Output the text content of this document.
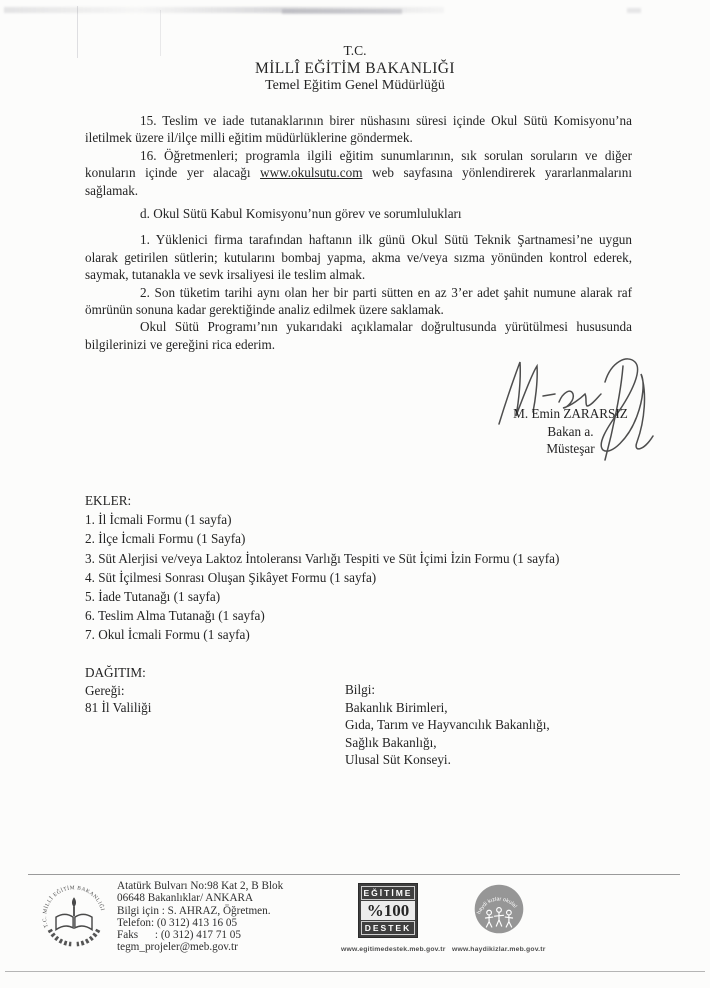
T.C.
MİLLÎ EĞİTİM BAKANLIĞI
Temel Eğitim Genel Müdürlüğü

15. Teslim ve iade tutanaklarının birer nüshasını süresi içinde Okul Sütü Komisyonu’na iletilmek üzere il/ilçe milli eğitim müdürlüklerine göndermek.

16. Öğretmenleri; programla ilgili eğitim sunumlarının, sık sorulan soruların ve diğer konuların içinde yer alacağı www.okulsutu.com web sayfasına yönlendirerek yararlanmalarını sağlamak.

d. Okul Sütü Kabul Komisyonu’nun görev ve sorumlulukları

1. Yüklenici firma tarafından haftanın ilk günü Okul Sütü Teknik Şartnamesi’ne uygun olarak getirilen sütlerin; kutularını bombaj yapma, akma ve/veya sızma yönünden kontrol ederek, saymak, tutanakla ve sevk irsaliyesi ile teslim almak.

2. Son tüketim tarihi aynı olan her bir parti sütten en az 3’er adet şahit numune alarak raf ömrünün sonuna kadar gerektiğinde analiz edilmek üzere saklamak.

Okul Sütü Programı’nın yukarıdaki açıklamalar doğrultusunda yürütülmesi hususunda bilgilerinizi ve gereğini rica ederim.

M. Emin ZARARSIZ
Bakan a.
Müsteşar
EKLER:
1. İl İcmali Formu (1 sayfa)
2. İlçe İcmali Formu (1 Sayfa)
3. Süt Alerjisi ve/veya Laktoz İntoleransı Varlığı Tespiti ve Süt İçimi İzin Formu (1 sayfa)
4. Süt İçilmesi Sonrası Oluşan Şikâyet Formu (1 sayfa)
5. İade Tutanağı (1 sayfa)
6. Teslim Alma Tutanağı (1 sayfa)
7. Okul İcmali Formu (1 sayfa)
DAĞITIM:
Gereği:
81 İl Valiliği
Bilgi:
Bakanlık Birimleri,
Gıda, Tarım ve Hayvancılık Bakanlığı,
Sağlık Bakanlığı,
Ulusal Süt Konseyi.
T.C. MİLLÎ EĞİTİM BAKANLIĞI
Atatürk Bulvarı No:98 Kat 2, B Blok
06648 Bakanlıklar/ ANKARA
Bilgi için : S. AHRAZ, Öğretmen.
Telefon: (0 312) 413 16 05
Faks      : (0 312) 417 71 05
tegm_projeler@meb.gov.tr
EĞİTİME
%100
DESTEK
www.egitimedestek.meb.gov.tr
haydi kızlar okula!
www.haydikizlar.meb.gov.tr
